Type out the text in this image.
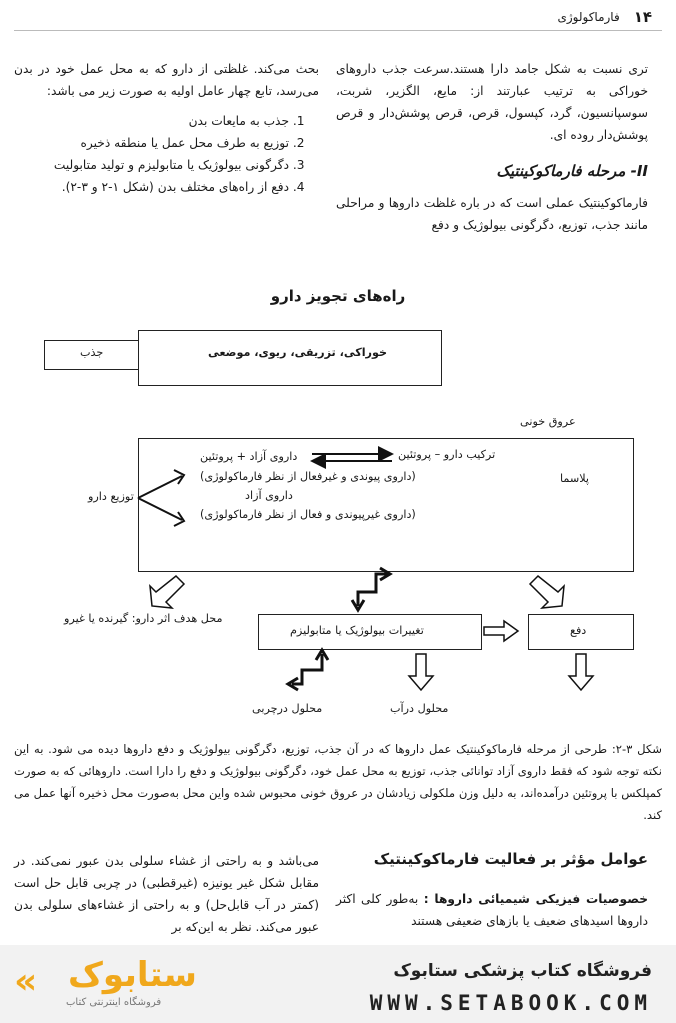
۱۴
فارماکولوژی
تری نسبت به شکل جامد دارا هستند.سرعت جذب داروهای خوراکی به ترتیب عبارتند از: مایع، الگزیر، شربت، سوسپانسیون، گرد، کپسول، قرص، قرص پوشش‌دار و قرص پوشش‌دار روده ای.
II- مرحله فارماکوکینتیک
فارماکوکینتیک عملی است که در باره غلظت داروها و مراحلی مانند جذب، توزیع، دگرگونی بیولوژیک و دفع
بحث می‌کند. غلظتی از دارو که به محل عمل خود در بدن می‌رسد، تابع چهار عامل اولیه به صورت زیر می باشد:
1. جذب به مایعات بدن
2. توزیع به طرف محل عمل یا منطقه ذخیره
3. دگرگونی بیولوژیک یا متابولیزم و تولید متابولیت
4. دفع از راه‌های مختلف بدن (شکل ۱-۲ و ۳-۲).
راه‌های تجویز دارو
جذب	خوراکی، تزریقی، ریوی، موضعی
عروق خونی
پلاسما
ترکیب دارو – پروتئین
داروی آزاد + پروتئین
(داروی پیوندی و غیرفعال از نظر فارماکولوژی)
داروی آزاد
(داروی غیرپیوندی و فعال از نظر فارماکولوژی)
توزیع دارو
محل هدف اثر دارو: گیرنده یا غیرو
تغییرات بیولوژیک یا متابولیزم	دفع
محلول درچربی	محلول درآب
شکل ۳-۲: طرحی از مرحله فارماکوکینتیک عمل داروها که در آن جذب، توزیع، دگرگونی بیولوژیک و دفع داروها دیده می شود. به این نکته توجه شود که فقط داروی آزاد توانائی جذب، توزیع به محل عمل خود، دگرگونی بیولوژیک و دفع را دارا است. داروهائی که به صورت کمپلکس با پروتئین درآمده‌اند، به دلیل وزن ملکولی زیادشان در عروق خونی محبوس شده واین محل به‌صورت محل ذخیره آنها عمل می کند.
عوامل مؤثر بر فعالیت فارماکوکینتیک
خصوصیات فیزیکی شیمیائی داروها : به‌طور کلی اکثر داروها اسیدهای ضعیف یا بازهای ضعیفی هستند
می‌باشد و به راحتی از غشاء سلولی بدن عبور نمی‌کند. در مقابل شکل غیر یونیزه (غیرقطبی) در چربی قابل حل است (کمتر در آب قابل‌حل) و به راحتی از غشاءهای سلولی بدن عبور می‌کند. نظر به این‌که بر
« ستابوک
فروشگاه اینترنتی کتاب
فروشگاه کتاب پزشکی ستابوک
WWW.SETABOOK.COM
